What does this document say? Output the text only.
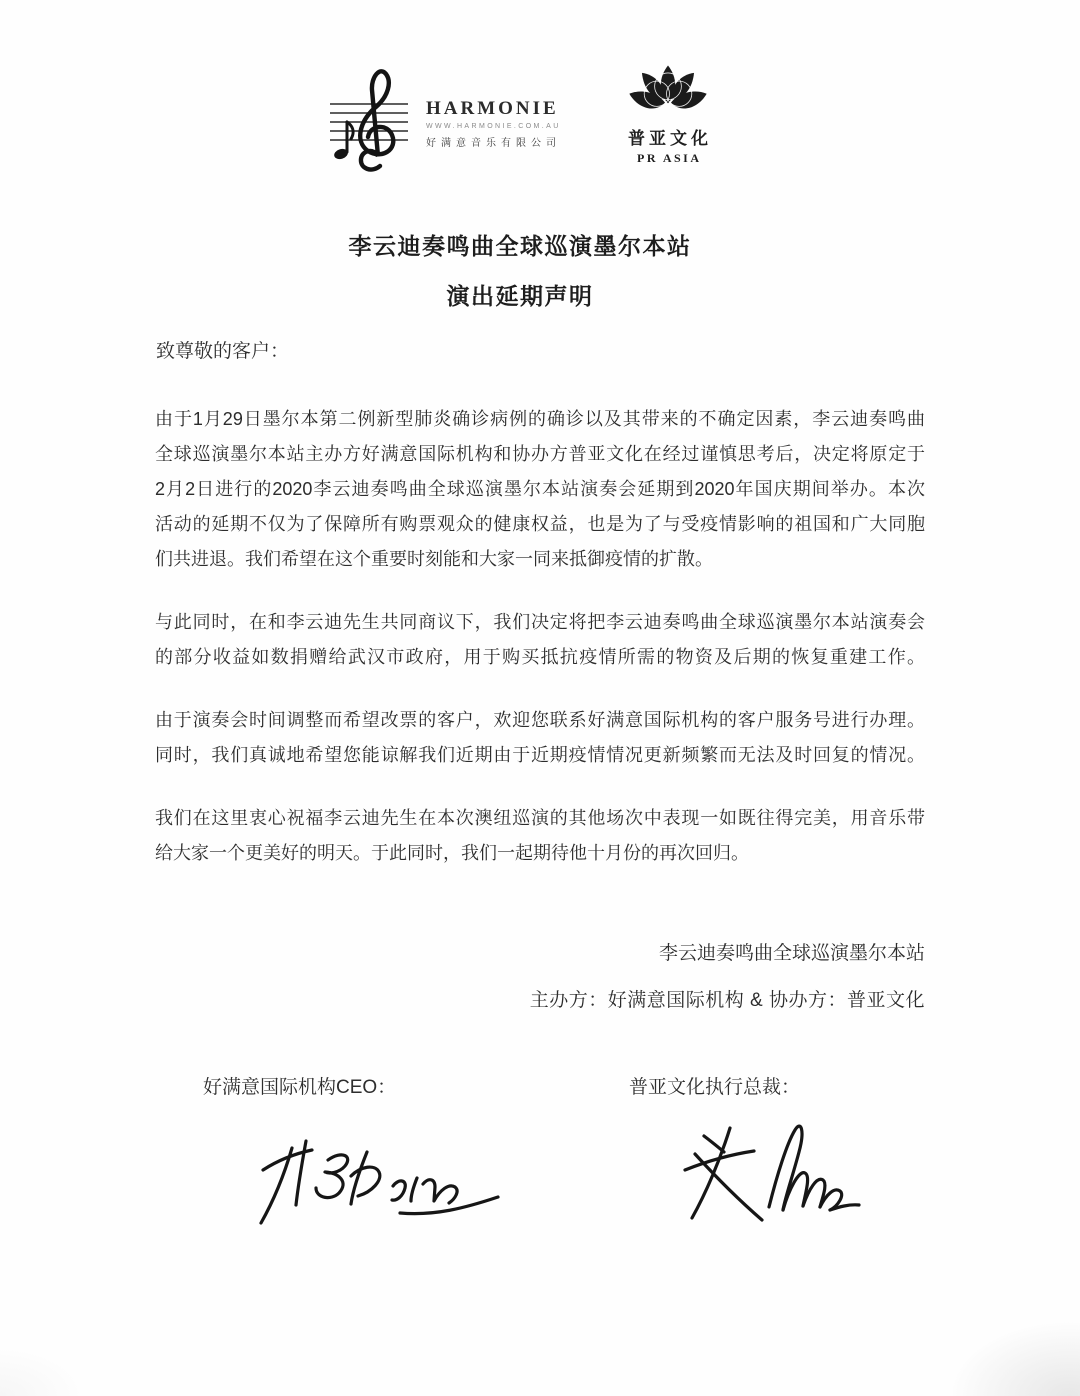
HARMONIE
WWW.HARMONIE.COM.AU
好满意音乐有限公司	普亚文化
PR ASIA
李云迪奏鸣曲全球巡演墨尔本站
演出延期声明
致尊敬的客户：
由于1月29日墨尔本第二例新型肺炎确诊病例的确诊以及其带来的不确定因素，李云迪奏鸣曲
全球巡演墨尔本站主办方好满意国际机构和协办方普亚文化在经过谨慎思考后，决定将原定于
2月2日进行的2020李云迪奏鸣曲全球巡演墨尔本站演奏会延期到2020年国庆期间举办。本次
活动的延期不仅为了保障所有购票观众的健康权益，也是为了与受疫情影响的祖国和广大同胞
们共进退。我们希望在这个重要时刻能和大家一同来抵御疫情的扩散。
与此同时，在和李云迪先生共同商议下，我们决定将把李云迪奏鸣曲全球巡演墨尔本站演奏会
的部分收益如数捐赠给武汉市政府，用于购买抵抗疫情所需的物资及后期的恢复重建工作。
由于演奏会时间调整而希望改票的客户，欢迎您联系好满意国际机构的客户服务号进行办理。
同时，我们真诚地希望您能谅解我们近期由于近期疫情情况更新频繁而无法及时回复的情况。
我们在这里衷心祝福李云迪先生在本次澳纽巡演的其他场次中表现一如既往得完美，用音乐带
给大家一个更美好的明天。于此同时，我们一起期待他十月份的再次回归。
李云迪奏鸣曲全球巡演墨尔本站
主办方：好满意国际机构 & 协办方：普亚文化
好满意国际机构CEO：	普亚文化执行总裁：
